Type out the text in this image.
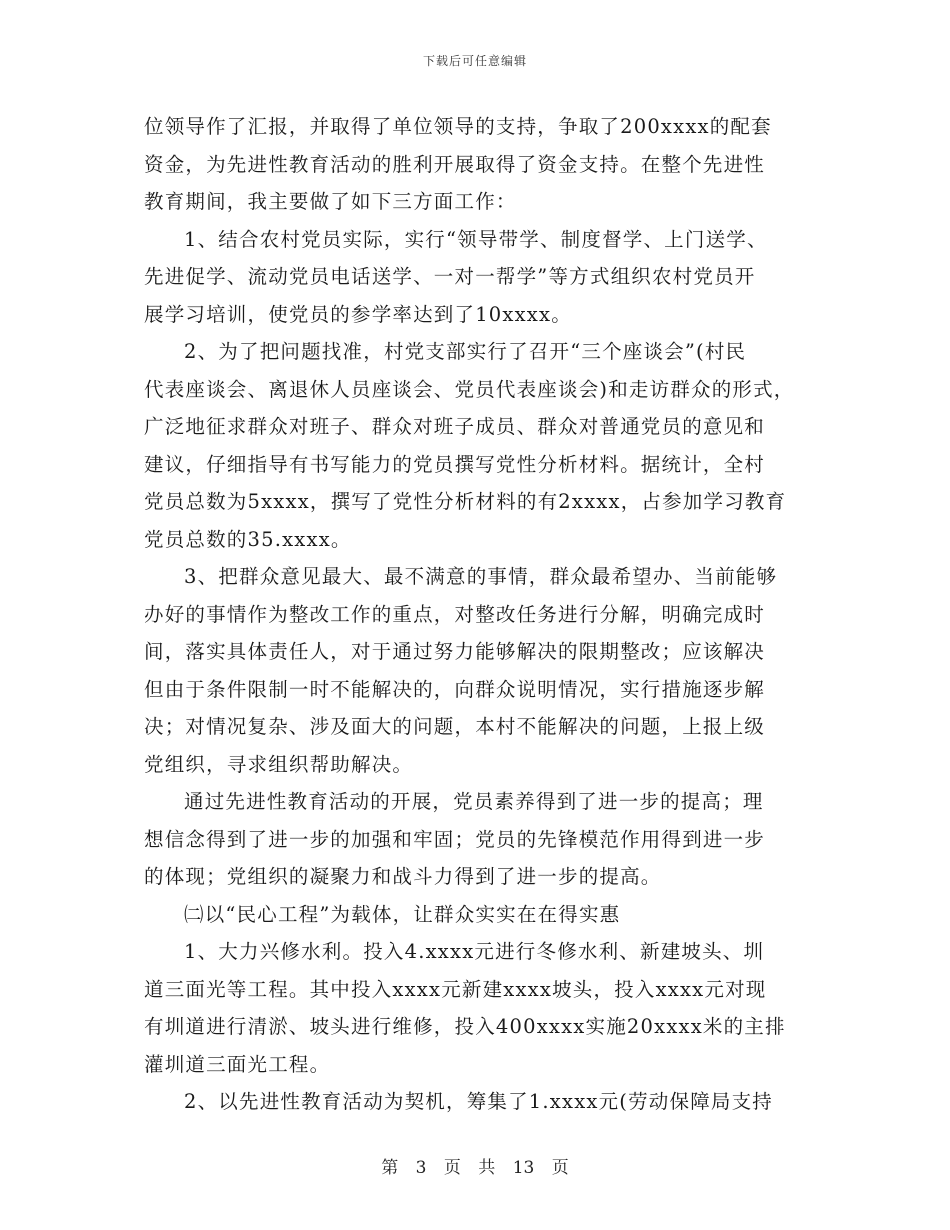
下载后可任意编辑
位领导作了汇报，并取得了单位领导的支持，争取了200xxxx的配套
资金，为先进性教育活动的胜利开展取得了资金支持。在整个先进性
教育期间，我主要做了如下三方面工作：
1、结合农村党员实际，实行“领导带学、制度督学、上门送学、
先进促学、流动党员电话送学、一对一帮学”等方式组织农村党员开
展学习培训，使党员的参学率达到了10xxxx。
2、为了把问题找准，村党支部实行了召开“三个座谈会”(村民
代表座谈会、离退休人员座谈会、党员代表座谈会)和走访群众的形式，
广泛地征求群众对班子、群众对班子成员、群众对普通党员的意见和
建议，仔细指导有书写能力的党员撰写党性分析材料。据统计，全村
党员总数为5xxxx，撰写了党性分析材料的有2xxxx，占参加学习教育
党员总数的35.xxxx。
3、把群众意见最大、最不满意的事情，群众最希望办、当前能够
办好的事情作为整改工作的重点，对整改任务进行分解，明确完成时
间，落实具体责任人，对于通过努力能够解决的限期整改；应该解决
但由于条件限制一时不能解决的，向群众说明情况，实行措施逐步解
决；对情况复杂、涉及面大的问题，本村不能解决的问题，上报上级
党组织，寻求组织帮助解决。
通过先进性教育活动的开展，党员素养得到了进一步的提高；理
想信念得到了进一步的加强和牢固；党员的先锋模范作用得到进一步
的体现；党组织的凝聚力和战斗力得到了进一步的提高。
㈡以“民心工程”为载体，让群众实实在在得实惠
1、大力兴修水利。投入4.xxxx元进行冬修水利、新建坡头、圳
道三面光等工程。其中投入xxxx元新建xxxx坡头，投入xxxx元对现
有圳道进行清淤、坡头进行维修，投入400xxxx实施20xxxx米的主排
灌圳道三面光工程。
2、以先进性教育活动为契机，筹集了1.xxxx元(劳动保障局支持
第 3 页 共 13 页
